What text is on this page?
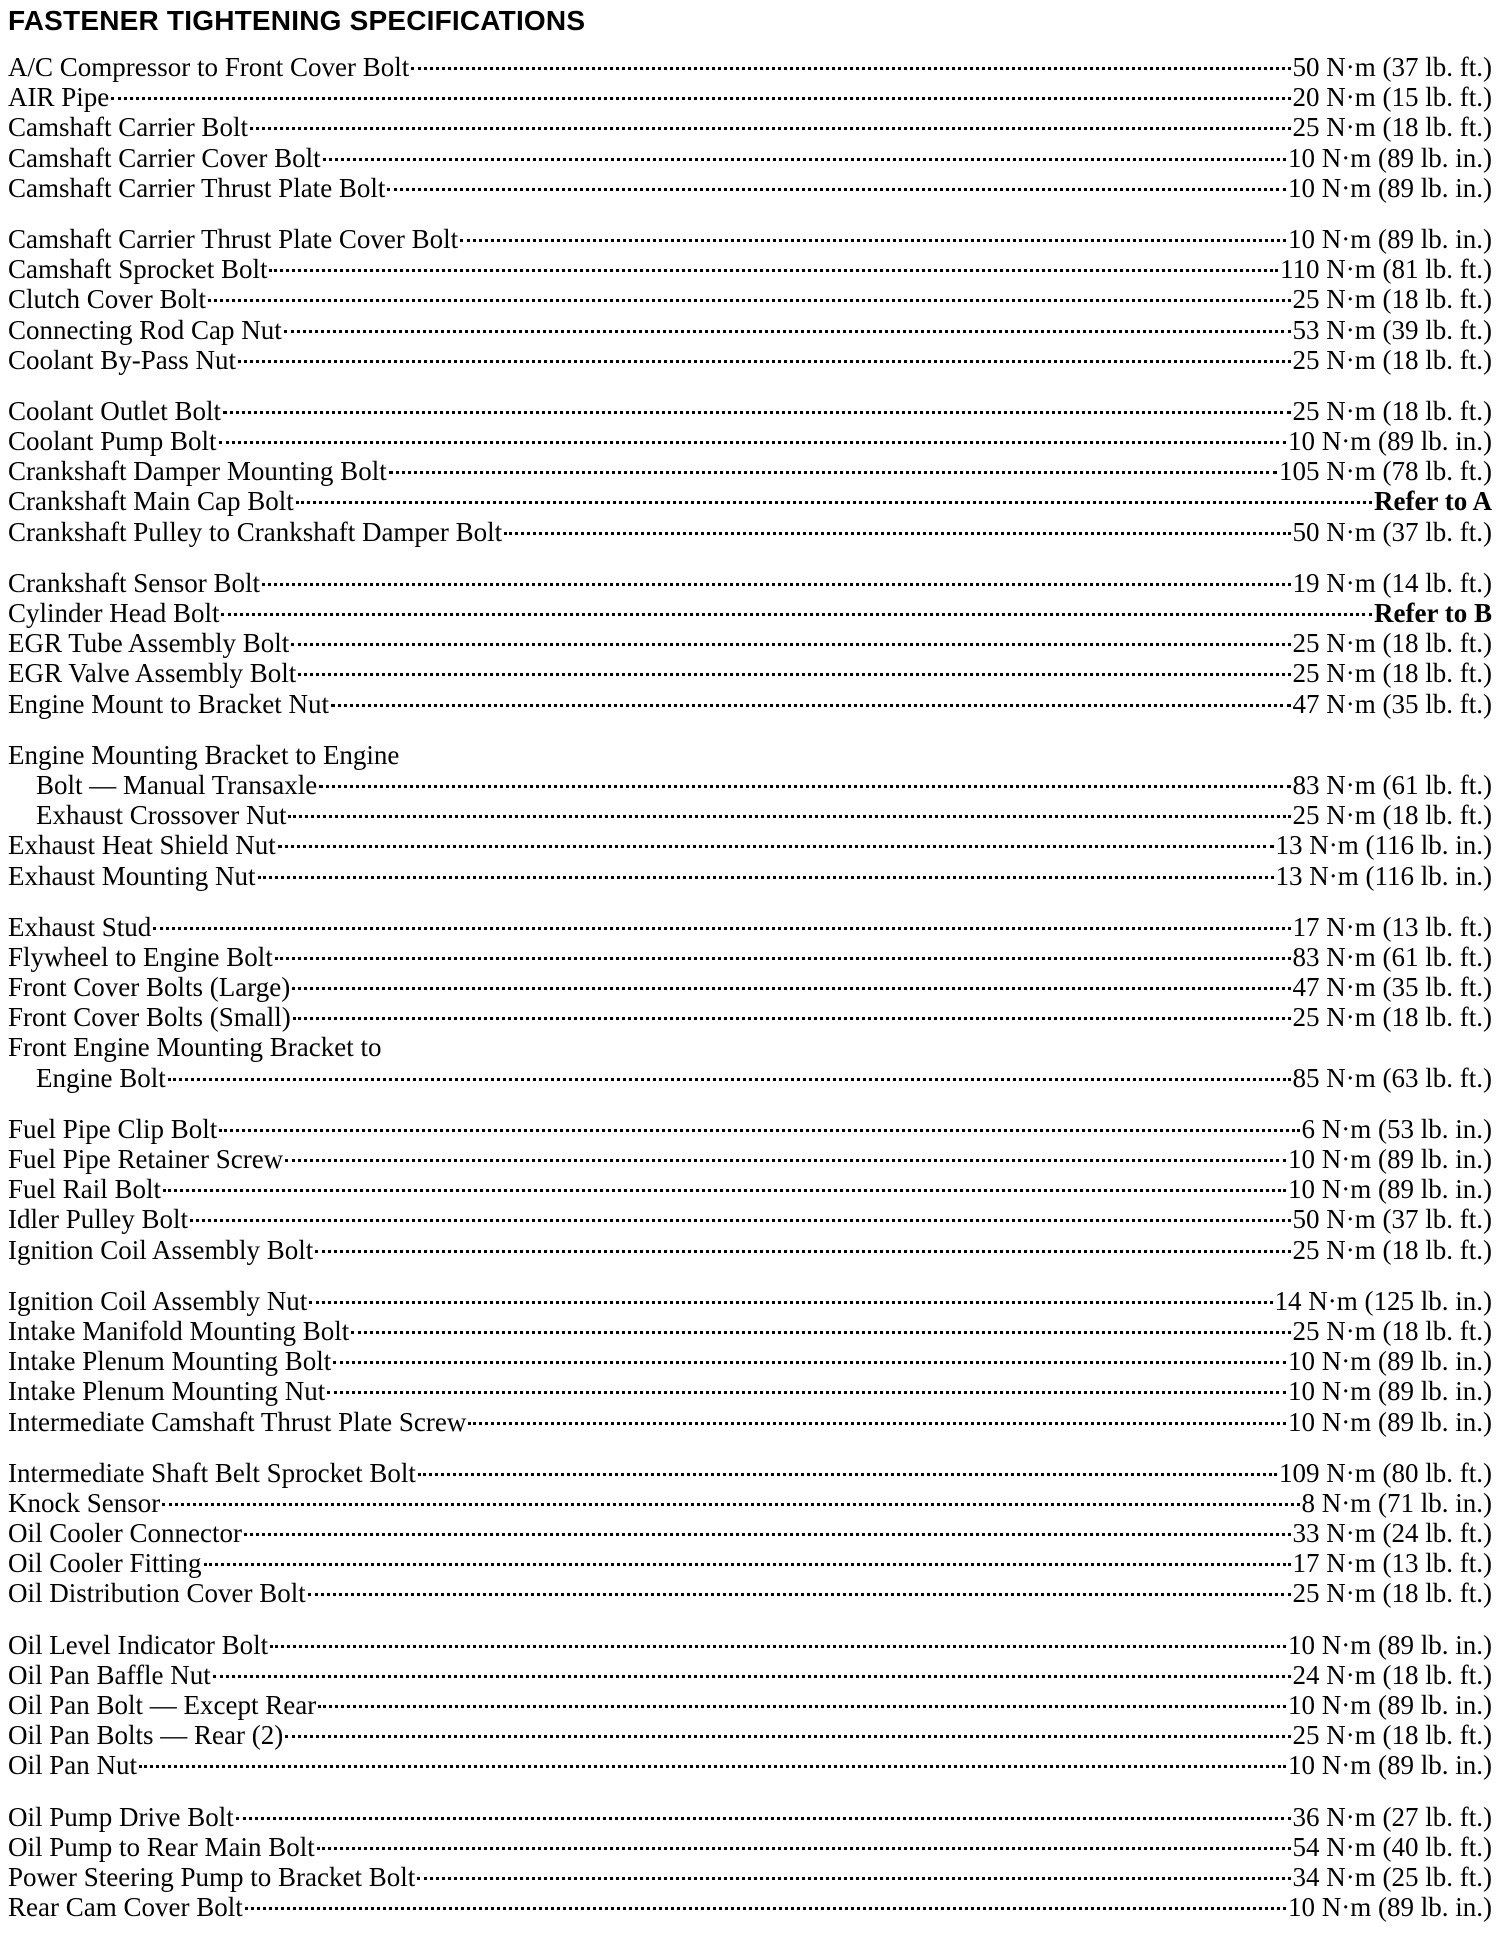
FASTENER TIGHTENING SPECIFICATIONS
A/C Compressor to Front Cover Bolt	50 N·m (37 lb. ft.)
AIR Pipe	20 N·m (15 lb. ft.)
Camshaft Carrier Bolt	25 N·m (18 lb. ft.)
Camshaft Carrier Cover Bolt	10 N·m (89 lb. in.)
Camshaft Carrier Thrust Plate Bolt	10 N·m (89 lb. in.)
Camshaft Carrier Thrust Plate Cover Bolt	10 N·m (89 lb. in.)
Camshaft Sprocket Bolt	110 N·m (81 lb. ft.)
Clutch Cover Bolt	25 N·m (18 lb. ft.)
Connecting Rod Cap Nut	53 N·m (39 lb. ft.)
Coolant By-Pass Nut	25 N·m (18 lb. ft.)
Coolant Outlet Bolt	25 N·m (18 lb. ft.)
Coolant Pump Bolt	10 N·m (89 lb. in.)
Crankshaft Damper Mounting Bolt	105 N·m (78 lb. ft.)
Crankshaft Main Cap Bolt	Refer to A
Crankshaft Pulley to Crankshaft Damper Bolt	50 N·m (37 lb. ft.)
Crankshaft Sensor Bolt	19 N·m (14 lb. ft.)
Cylinder Head Bolt	Refer to B
EGR Tube Assembly Bolt	25 N·m (18 lb. ft.)
EGR Valve Assembly Bolt	25 N·m (18 lb. ft.)
Engine Mount to Bracket Nut	47 N·m (35 lb. ft.)
Engine Mounting Bracket to Engine
Bolt — Manual Transaxle	83 N·m (61 lb. ft.)
Exhaust Crossover Nut	25 N·m (18 lb. ft.)
Exhaust Heat Shield Nut	13 N·m (116 lb. in.)
Exhaust Mounting Nut	13 N·m (116 lb. in.)
Exhaust Stud	17 N·m (13 lb. ft.)
Flywheel to Engine Bolt	83 N·m (61 lb. ft.)
Front Cover Bolts (Large)	47 N·m (35 lb. ft.)
Front Cover Bolts (Small)	25 N·m (18 lb. ft.)
Front Engine Mounting Bracket to
Engine Bolt	85 N·m (63 lb. ft.)
Fuel Pipe Clip Bolt	6 N·m (53 lb. in.)
Fuel Pipe Retainer Screw	10 N·m (89 lb. in.)
Fuel Rail Bolt	10 N·m (89 lb. in.)
Idler Pulley Bolt	50 N·m (37 lb. ft.)
Ignition Coil Assembly Bolt	25 N·m (18 lb. ft.)
Ignition Coil Assembly Nut	14 N·m (125 lb. in.)
Intake Manifold Mounting Bolt	25 N·m (18 lb. ft.)
Intake Plenum Mounting Bolt	10 N·m (89 lb. in.)
Intake Plenum Mounting Nut	10 N·m (89 lb. in.)
Intermediate Camshaft Thrust Plate Screw	10 N·m (89 lb. in.)
Intermediate Shaft Belt Sprocket Bolt	109 N·m (80 lb. ft.)
Knock Sensor	8 N·m (71 lb. in.)
Oil Cooler Connector	33 N·m (24 lb. ft.)
Oil Cooler Fitting	17 N·m (13 lb. ft.)
Oil Distribution Cover Bolt	25 N·m (18 lb. ft.)
Oil Level Indicator Bolt	10 N·m (89 lb. in.)
Oil Pan Baffle Nut	24 N·m (18 lb. ft.)
Oil Pan Bolt — Except Rear	10 N·m (89 lb. in.)
Oil Pan Bolts — Rear (2)	25 N·m (18 lb. ft.)
Oil Pan Nut	10 N·m (89 lb. in.)
Oil Pump Drive Bolt	36 N·m (27 lb. ft.)
Oil Pump to Rear Main Bolt	54 N·m (40 lb. ft.)
Power Steering Pump to Bracket Bolt	34 N·m (25 lb. ft.)
Rear Cam Cover Bolt	10 N·m (89 lb. in.)
